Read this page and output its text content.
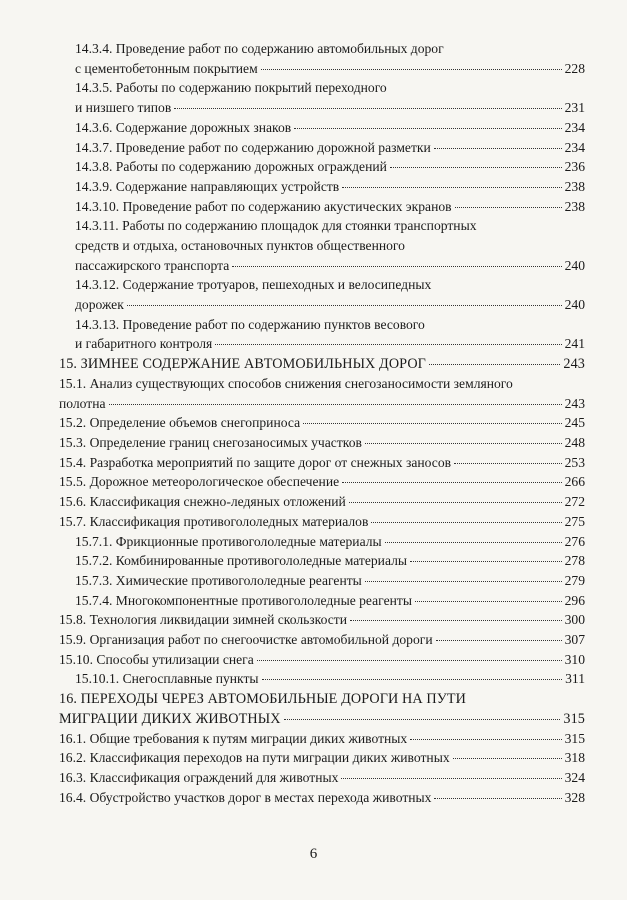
14.3.4. Проведение работ по содержанию автомобильных дорог
с цементобетонным покрытием	228
14.3.5. Работы по содержанию покрытий переходного
и низшего типов	231
14.3.6. Содержание дорожных знаков	234
14.3.7. Проведение работ по содержанию дорожной разметки	234
14.3.8. Работы по содержанию дорожных ограждений	236
14.3.9. Содержание направляющих устройств	238
14.3.10. Проведение работ по содержанию акустических экранов	238
14.3.11. Работы по содержанию площадок для стоянки транспортных
средств и отдыха, остановочных пунктов общественного
пассажирского транспорта	240
14.3.12. Содержание тротуаров, пешеходных и велосипедных
дорожек	240
14.3.13. Проведение работ по содержанию пунктов весового
и габаритного контроля	241
15. ЗИМНЕЕ СОДЕРЖАНИЕ АВТОМОБИЛЬНЫХ ДОРОГ	243
15.1. Анализ существующих способов снижения снегозаносимости земляного
полотна	243
15.2. Определение объемов снегоприноса	245
15.3. Определение границ снегозаносимых участков	248
15.4. Разработка мероприятий по защите дорог от снежных заносов	253
15.5. Дорожное метеорологическое обеспечение	266
15.6. Классификация снежно-ледяных отложений	272
15.7. Классификация противогололедных материалов	275
15.7.1. Фрикционные противогололедные материалы	276
15.7.2. Комбинированные противогололедные материалы	278
15.7.3. Химические противогололедные реагенты	279
15.7.4. Многокомпонентные противогололедные реагенты	296
15.8. Технология ликвидации зимней скользкости	300
15.9. Организация работ по снегоочистке автомобильной дороги	307
15.10. Способы утилизации снега	310
15.10.1. Снегосплавные пункты	311
16. ПЕРЕХОДЫ ЧЕРЕЗ АВТОМОБИЛЬНЫЕ ДОРОГИ НА ПУТИ
МИГРАЦИИ ДИКИХ ЖИВОТНЫХ	315
16.1. Общие требования к путям миграции диких животных	315
16.2. Классификация переходов на пути миграции диких животных	318
16.3. Классификация ограждений для животных	324
16.4. Обустройство участков дорог в местах перехода животных	328
6
